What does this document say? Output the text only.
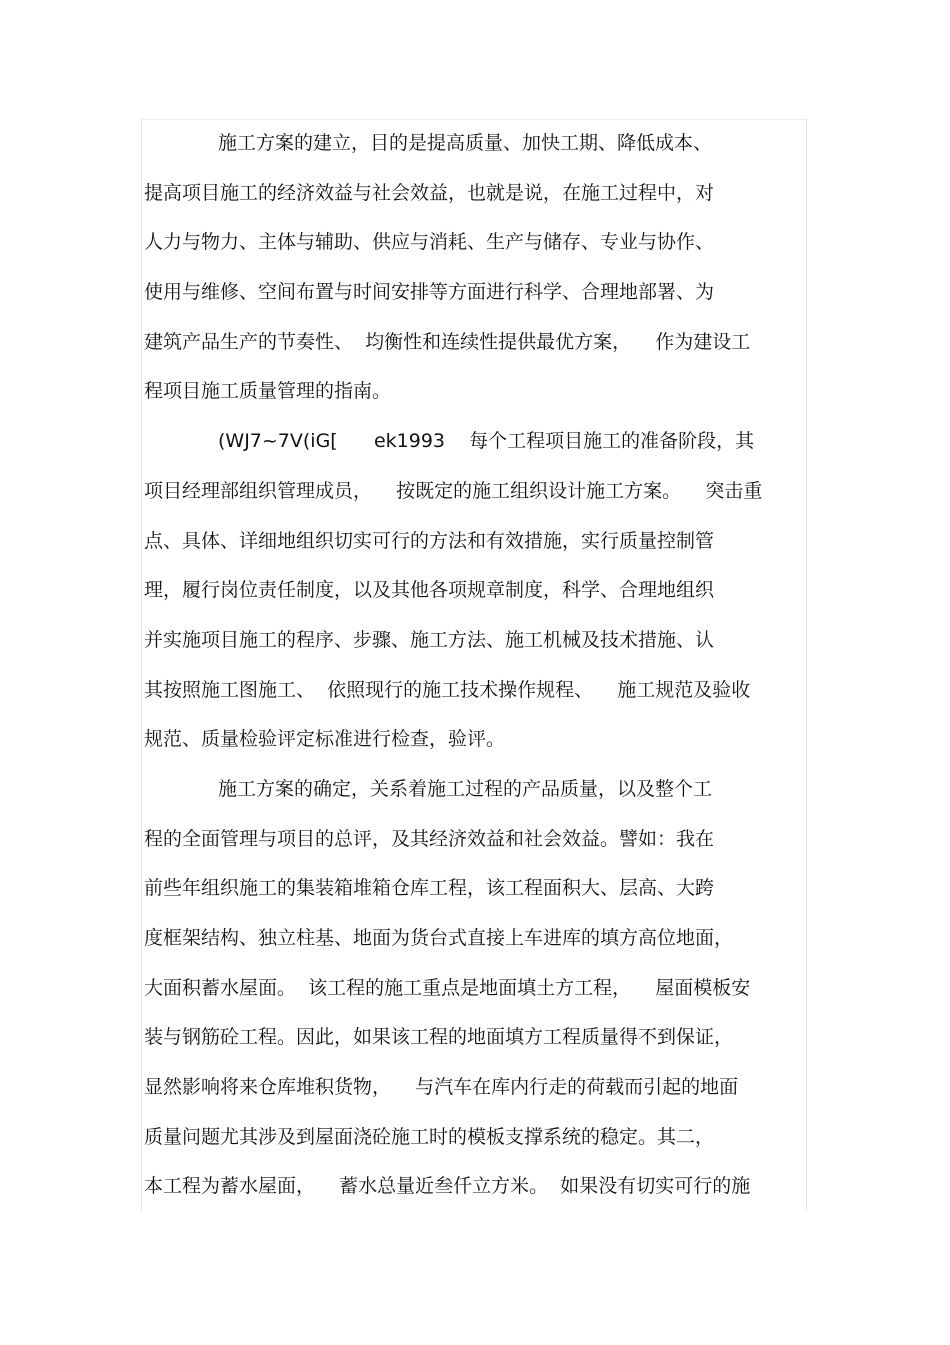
施工方案的建立，目的是提高质量、加快工期、降低成本、
提高项目施工的经济效益与社会效益，也就是说，在施工过程中，对
人力与物力、主体与辅助、供应与消耗、生产与储存、专业与协作、
使用与维修、空间布置与时间安排等方面进行科学、合理地部署、为
建筑产品生产的节奏性、  均衡性和连续性提供最优方案，    作为建设工
程项目施工质量管理的指南。
(WJ7~7V(iG[      ek1993    每个工程项目施工的准备阶段，其
项目经理部组织管理成员，    按既定的施工组织设计施工方案。    突击重
点、具体、详细地组织切实可行的方法和有效措施，实行质量控制管
理，履行岗位责任制度，以及其他各项规章制度，科学、合理地组织
并实施项目施工的程序、步骤、施工方法、施工机械及技术措施、认
其按照施工图施工、  依照现行的施工技术操作规程、    施工规范及验收
规范、质量检验评定标准进行检查，验评。
施工方案的确定，关系着施工过程的产品质量，以及整个工
程的全面管理与项目的总评，及其经济效益和社会效益。譬如：我在
前些年组织施工的集装箱堆箱仓库工程，该工程面积大、层高、大跨
度框架结构、独立柱基、地面为货台式直接上车进库的填方高位地面，
大面积蓄水屋面。  该工程的施工重点是地面填土方工程，    屋面模板安
装与钢筋砼工程。因此，如果该工程的地面填方工程质量得不到保证，
显然影响将来仓库堆积货物，    与汽车在库内行走的荷载而引起的地面
质量问题尤其涉及到屋面浇砼施工时的模板支撑系统的稳定。其二，
本工程为蓄水屋面，    蓄水总量近叁仟立方米。  如果没有切实可行的施
